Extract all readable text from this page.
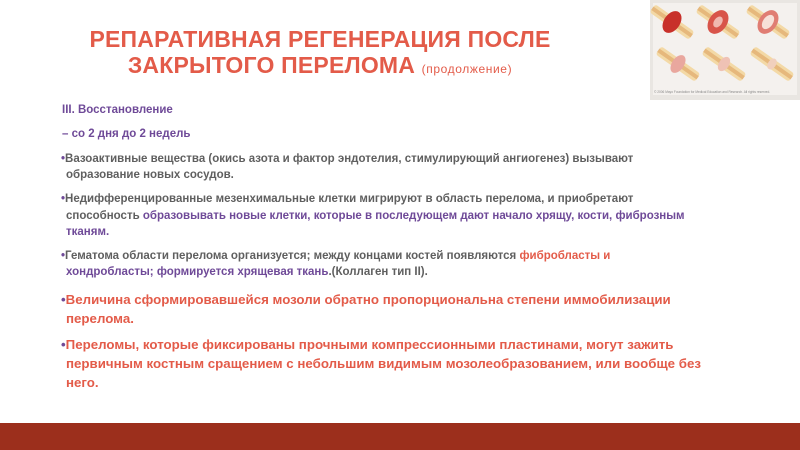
РЕПАРАТИВНАЯ РЕГЕНЕРАЦИЯ ПОСЛЕ
ЗАКРЫТОГО ПЕРЕЛОМА (продолжение)
© 2006 Mayo Foundation for Medical Education and Research. All rights reserved.
III. Восстановление
– со 2 дня до 2 недель
•Вазоактивные вещества (окись азота и фактор эндотелия, стимулирующий ангиогенез) вызывают
образование новых сосудов.
•Недифференцированные мезенхимальные клетки мигрируют в область перелома, и приобретают
способность образовывать новые клетки, которые в последующем дают начало хрящу, кости, фиброзным
тканям.
•Гематома области перелома организуется; между концами костей появляются фибробласты и
хондробласты; формируется хрящевая ткань.(Коллаген тип II).
•Величина сформировавшейся мозоли обратно пропорциональна степени иммобилизации
перелома.
•Переломы, которые фиксированы прочными компрессионными пластинами, могут зажить
первичным костным сращением с небольшим видимым мозолеобразованием, или вообще без
него.
